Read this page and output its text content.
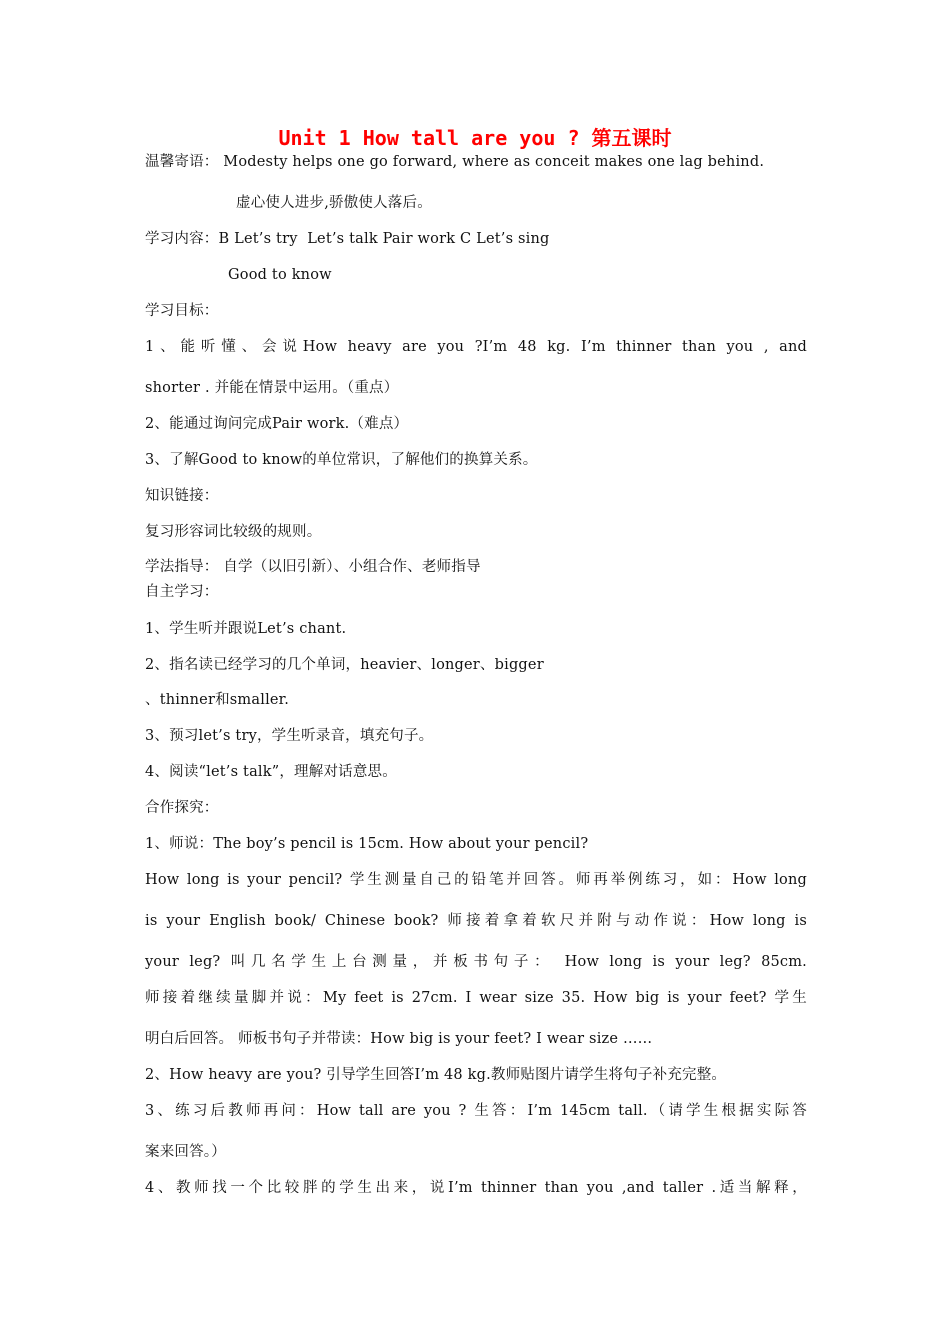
Unit 1 How tall are you ? 第五课时
温馨寄语： Modesty helps one go forward, where as conceit makes one lag behind.
虚心使人进步,骄傲使人落后。
学习内容：B Let’s try  Let’s talk Pair work C Let’s sing
Good to know
学习目标：
1、能听懂、会说How heavy are you ?I’m 48 kg. I’m thinner than you , and
shorter . 并能在情景中运用。（重点）
2、能通过询问完成Pair work.（难点）
3、了解Good to know的单位常识，了解他们的换算关系。
知识链接：
复习形容词比较级的规则。
学法指导： 自学（以旧引新）、小组合作、老师指导
自主学习：
1、学生听并跟说Let’s chant.
2、指名读已经学习的几个单词，heavier、longer、bigger
、thinner和smaller.
3、预习let’s try，学生听录音，填充句子。
4、阅读“let’s talk”，理解对话意思。
合作探究：
1、师说：The boy’s pencil is 15cm. How about your pencil?
How long is your pencil? 学生测量自己的铅笔并回答。师再举例练习，如：How long
is your English book/ Chinese book? 师接着拿着软尺并附与动作说：How long is
your leg? 叫几名学生上台测量，并板书句子： How long is your leg? 85cm.
师接着继续量脚并说：My feet is 27cm. I wear size 35. How big is your feet? 学生
明白后回答。 师板书句子并带读：How big is your feet? I wear size ……
2、How heavy are you? 引导学生回答I’m 48 kg.教师贴图片请学生将句子补充完整。
3、练习后教师再问：How tall are you ? 生答：I’m 145cm tall.（请学生根据实际答
案来回答。）
4、教师找一个比较胖的学生出来，说I’m thinner than you ,and taller .适当解释，
